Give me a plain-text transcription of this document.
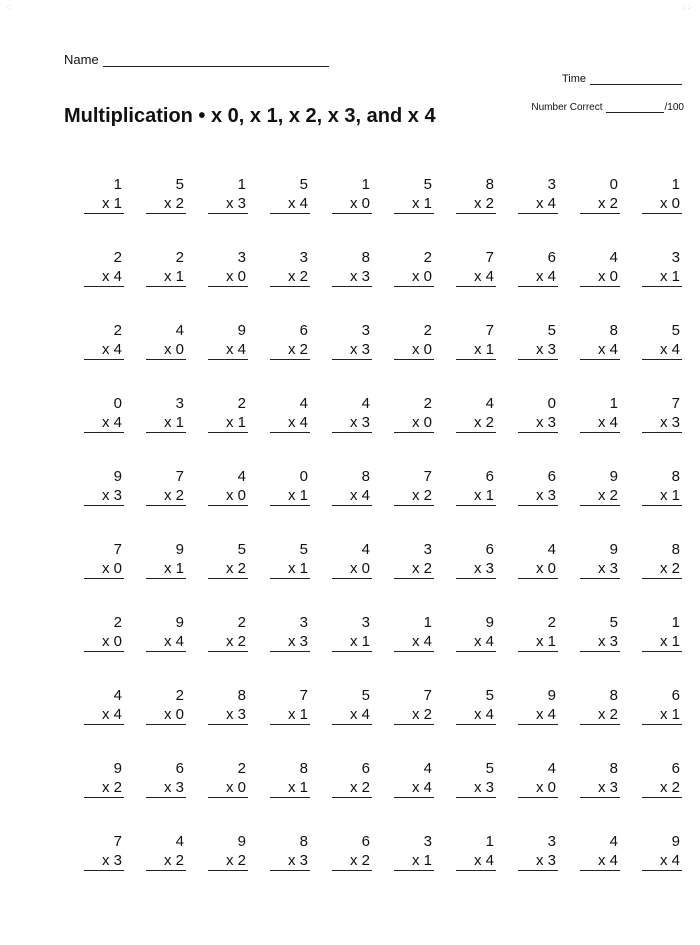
·:	·: :·
Name
Time
Number Correct	/100
Multiplication • x 0, x 1, x 2, x 3, and x 4
1
x 1
5
x 2
1
x 3
5
x 4
1
x 0
5
x 1
8
x 2
3
x 4
0
x 2
1
x 0
2
x 4
2
x 1
3
x 0
3
x 2
8
x 3
2
x 0
7
x 4
6
x 4
4
x 0
3
x 1
2
x 4
4
x 0
9
x 4
6
x 2
3
x 3
2
x 0
7
x 1
5
x 3
8
x 4
5
x 4
0
x 4
3
x 1
2
x 1
4
x 4
4
x 3
2
x 0
4
x 2
0
x 3
1
x 4
7
x 3
9
x 3
7
x 2
4
x 0
0
x 1
8
x 4
7
x 2
6
x 1
6
x 3
9
x 2
8
x 1
7
x 0
9
x 1
5
x 2
5
x 1
4
x 0
3
x 2
6
x 3
4
x 0
9
x 3
8
x 2
2
x 0
9
x 4
2
x 2
3
x 3
3
x 1
1
x 4
9
x 4
2
x 1
5
x 3
1
x 1
4
x 4
2
x 0
8
x 3
7
x 1
5
x 4
7
x 2
5
x 4
9
x 4
8
x 2
6
x 1
9
x 2
6
x 3
2
x 0
8
x 1
6
x 2
4
x 4
5
x 3
4
x 0
8
x 3
6
x 2
7
x 3
4
x 2
9
x 2
8
x 3
6
x 2
3
x 1
1
x 4
3
x 3
4
x 4
9
x 4
